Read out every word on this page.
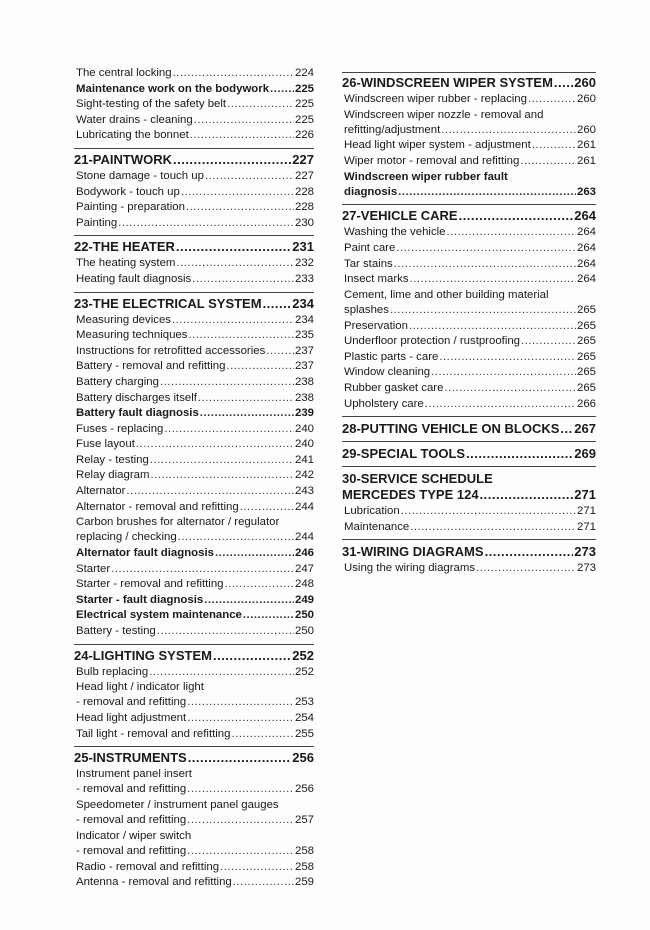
The central locking .....	224
Maintenance work on the bodywork ..... 225
Sight-testing of the safety belt .....	225
Water drains - cleaning .....	225
Lubricating the bonnet .....	226
21-PAINTWORK .....	227
Stone damage - touch up .....	227
Bodywork - touch up .....	228
Painting - preparation .....	228
Painting .....	230
22-THE HEATER .....	231
The heating system .....	232
Heating fault diagnosis .....	233
23-THE ELECTRICAL SYSTEM ..... 234
Measuring devices .....	234
Measuring techniques .....	235
Instructions for retrofitted accessories .....	237
Battery - removal and refitting .....	237
Battery charging .....	238
Battery discharges itself .....	238
Battery fault diagnosis .....	239
Fuses - replacing .....	240
Fuse layout .....	240
Relay - testing .....	241
Relay diagram .....	242
Alternator .....	243
Alternator - removal and refitting .....	244
Carbon brushes for alternator / regulator
replacing / checking .....	244
Alternator fault diagnosis .....	246
Starter .....	247
Starter - removal and refitting .....	248
Starter - fault diagnosis .....	249
Electrical system maintenance .....	250
Battery - testing .....	250
24-LIGHTING SYSTEM .....	252
Bulb replacing .....	252
Head light / indicator light
- removal and refitting .....	253
Head light adjustment .....	254
Tail light - removal and refitting .....	255
25-INSTRUMENTS .....	256
Instrument panel insert
- removal and refitting .....	256
Speedometer / instrument panel gauges
- removal and refitting .....	257
Indicator / wiper switch
- removal and refitting .....	258
Radio - removal and refitting .....	258
Antenna - removal and refitting .....	259
26-WINDSCREEN WIPER SYSTEM ..... 260
Windscreen wiper rubber - replacing .....	260
Windscreen wiper nozzle - removal and
refitting/adjustment .....	260
Head light wiper system - adjustment .....	261
Wiper motor - removal and refitting .....	261
Windscreen wiper rubber fault
diagnosis .....	263
27-VEHICLE CARE .....	264
Washing the vehicle .....	264
Paint care .....	264
Tar stains .....	264
Insect marks .....	264
Cement, lime and other building material
splashes .....	265
Preservation .....	265
Underfloor protection / rustproofing .....	265
Plastic parts - care .....	265
Window cleaning .....	265
Rubber gasket care .....	265
Upholstery care .....	266
28-PUTTING VEHICLE ON BLOCKS ..... 267
29-SPECIAL TOOLS .....	269
30-SERVICE SCHEDULE
MERCEDES TYPE 124 .....	271
Lubrication .....	271
Maintenance .....	271
31-WIRING DIAGRAMS .....	273
Using the wiring diagrams .....	273
